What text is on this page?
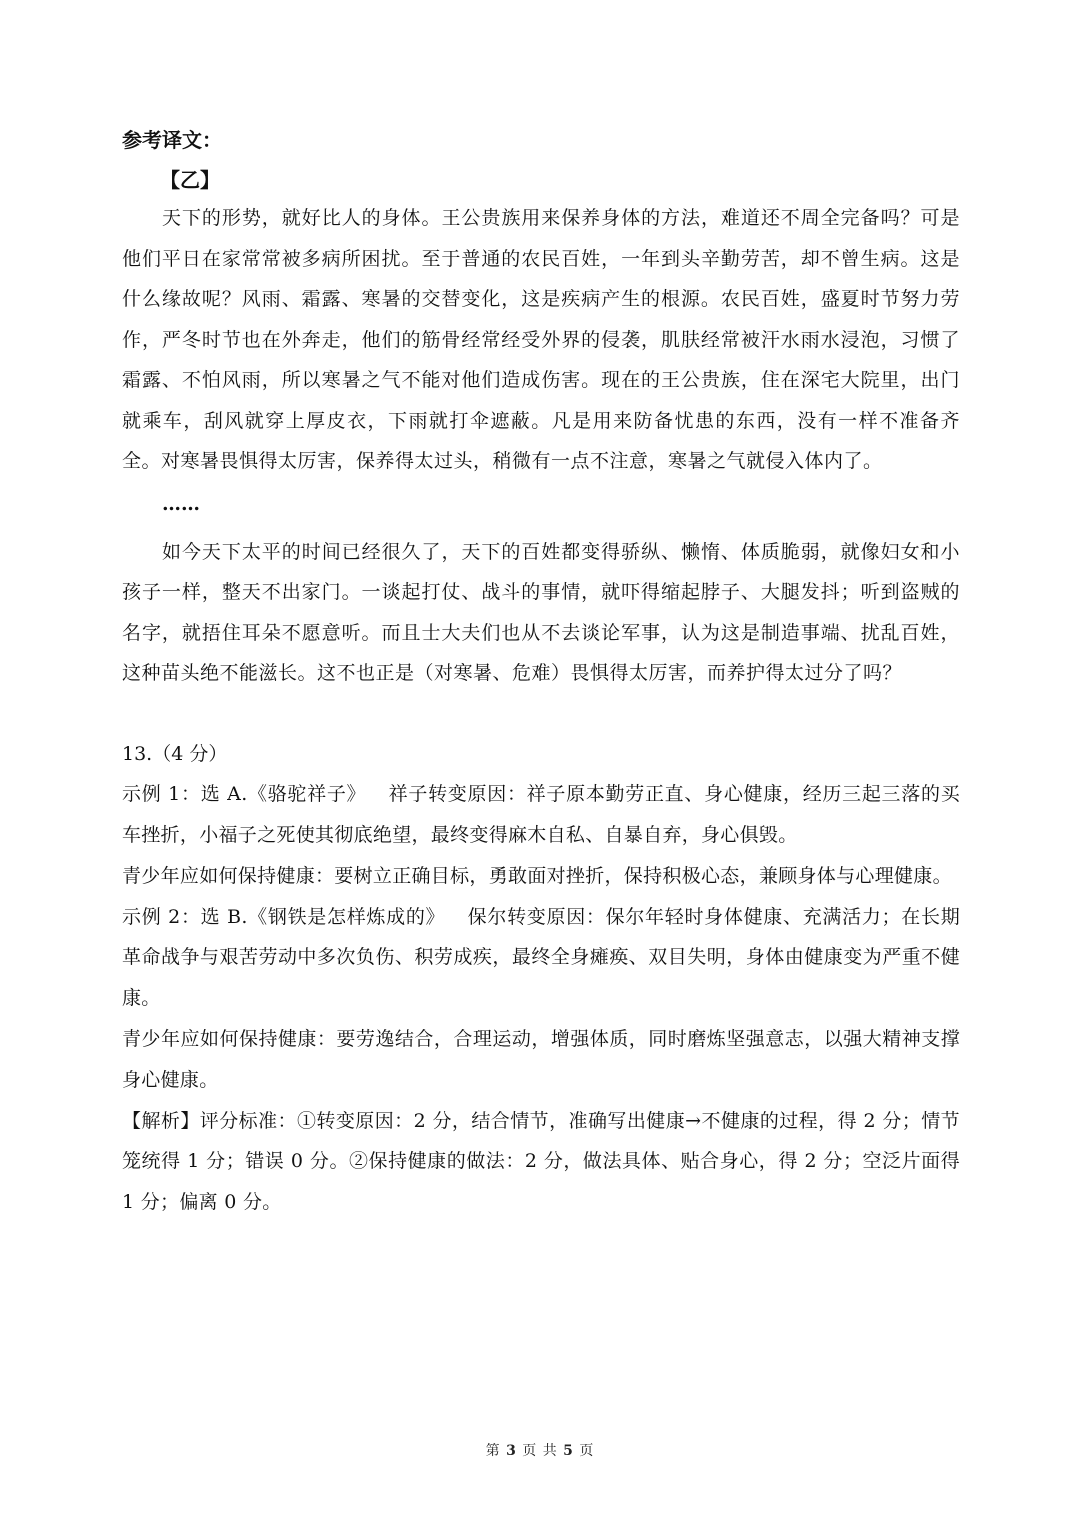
参考译文：

【乙】

天下的形势，就好比人的身体。王公贵族用来保养身体的方法，难道还不周全完备吗？可是他们平日在家常常被多病所困扰。至于普通的农民百姓，一年到头辛勤劳苦，却不曾生病。这是什么缘故呢？风雨、霜露、寒暑的交替变化，这是疾病产生的根源。农民百姓，盛夏时节努力劳作，严冬时节也在外奔走，他们的筋骨经常经受外界的侵袭，肌肤经常被汗水雨水浸泡，习惯了霜露、不怕风雨，所以寒暑之气不能对他们造成伤害。现在的王公贵族，住在深宅大院里，出门就乘车，刮风就穿上厚皮衣，下雨就打伞遮蔽。凡是用来防备忧患的东西，没有一样不准备齐全。对寒暑畏惧得太厉害，保养得太过头，稍微有一点不注意，寒暑之气就侵入体内了。

……

如今天下太平的时间已经很久了，天下的百姓都变得骄纵、懒惰、体质脆弱，就像妇女和小孩子一样，整天不出家门。一谈起打仗、战斗的事情，就吓得缩起脖子、大腿发抖；听到盗贼的名字，就捂住耳朵不愿意听。而且士大夫们也从不去谈论军事，认为这是制造事端、扰乱百姓，这种苗头绝不能滋长。这不也正是（对寒暑、危难）畏惧得太厉害，而养护得太过分了吗？

13.（4 分）

示例 1：选 A.《骆驼祥子》 祥子转变原因：祥子原本勤劳正直、身心健康，经历三起三落的买车挫折，小福子之死使其彻底绝望，最终变得麻木自私、自暴自弃，身心俱毁。

青少年应如何保持健康：要树立正确目标，勇敢面对挫折，保持积极心态，兼顾身体与心理健康。

示例 2：选 B.《钢铁是怎样炼成的》 保尔转变原因：保尔年轻时身体健康、充满活力；在长期革命战争与艰苦劳动中多次负伤、积劳成疾，最终全身瘫痪、双目失明，身体由健康变为严重不健康。

青少年应如何保持健康：要劳逸结合，合理运动，增强体质，同时磨炼坚强意志，以强大精神支撑身心健康。

【解析】评分标准：①转变原因：2 分，结合情节，准确写出健康→不健康的过程，得 2 分；情节笼统得 1 分；错误 0 分。②保持健康的做法：2 分，做法具体、贴合身心，得 2 分；空泛片面得 1 分；偏离 0 分。

第 3 页 共 5 页
